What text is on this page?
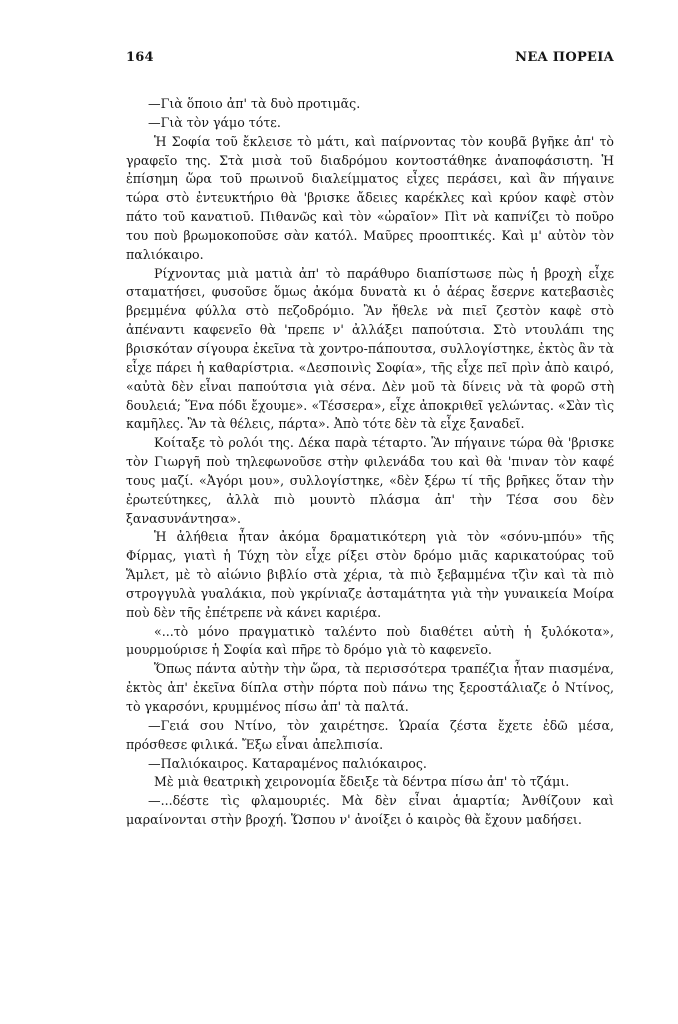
164	ΝΕΑ ΠΟΡΕΙΑ

—Γιὰ ὅποιο ἀπ' τὰ δυὸ προτιμᾶς.

—Γιὰ τὸν γάμο τότε.

Ἡ Σοφία τοῦ ἔκλεισε τὸ μάτι, καὶ παίρνοντας τὸν κουβᾶ βγῆκε ἀπ' τὸ γραφεῖο της. Στὰ μισὰ τοῦ διαδρόμου κοντοστάθηκε ἀναποφάσιστη. Ἡ ἐπίσημη ὥρα τοῦ πρωινοῦ διαλείμματος εἶχες περάσει, καὶ ἂν πήγαινε τώρα στὸ ἐντευκτήριο θὰ 'βρισκε ἄδειες καρέκλες καὶ κρύον καφὲ στὸν πάτο τοῦ κανατιοῦ. Πιθανῶς καὶ τὸν «ὡραῖον» Πὶτ νὰ καπνίζει τὸ ποῦρο του ποὺ βρωμοκοποῦσε σὰν κατόλ. Μαῦρες προοπτικές. Καὶ μ' αὐτὸν τὸν παλιόκαιρο.

Ρίχνοντας μιὰ ματιὰ ἀπ' τὸ παράθυρο διαπίστωσε πὼς ἡ βροχὴ εἶχε σταματήσει, φυσοῦσε ὅμως ἀκόμα δυνατὰ κι ὁ ἀέρας ἔσερνε κατεβασιὲς βρεμμένα φύλλα στὸ πεζοδρόμιο. Ἂν ἤθελε νὰ πιεῖ ζεστὸν καφὲ στὸ ἀπέναντι καφενεῖο θὰ 'πρεπε ν' ἀλλάξει παπούτσια. Στὸ ντουλάπι της βρισκόταν σίγουρα ἐκεῖνα τὰ χοντρο-πάπουτσα, συλλογίστηκε, ἐκτὸς ἂν τὰ εἶχε πάρει ἡ καθαρίστρια. «Δεσποινὶς Σοφία», τῆς εἶχε πεῖ πρὶν ἀπὸ καιρό, «αὐτὰ δὲν εἶναι παπούτσια γιὰ σένα. Δὲν μοῦ τὰ δίνεις νὰ τὰ φορῶ στὴ δουλειά; Ἕνα πόδι ἔχουμε». «Τέσσερα», εἶχε ἀποκριθεῖ γελώντας. «Σὰν τὶς καμῆλες. Ἂν τὰ θέλεις, πάρτα». Ἀπὸ τότε δὲν τὰ εἶχε ξαναδεῖ.

Κοίταξε τὸ ρολόι της. Δέκα παρὰ τέταρτο. Ἂν πήγαινε τώρα θὰ 'βρισκε τὸν Γιωργῆ ποὺ τηλεφωνοῦσε στὴν φιλενάδα του καὶ θὰ 'πιναν τὸν καφέ τους μαζί. «Ἀγόρι μου», συλλογίστηκε, «δὲν ξέρω τί τῆς βρῆκες ὅταν τὴν ἐρωτεύτηκες, ἀλλὰ πιὸ μουντὸ πλάσμα ἀπ' τὴν Τέσα σου δὲν ξανασυνάντησα».

Ἡ ἀλήθεια ἦταν ἀκόμα δραματικότερη γιὰ τὸν «σόνυ-μπόυ» τῆς Φίρμας, γιατὶ ἡ Τύχη τὸν εἶχε ρίξει στὸν δρόμο μιᾶς καρικατούρας τοῦ Ἅμλετ, μὲ τὸ αἰώνιο βιβλίο στὰ χέρια, τὰ πιὸ ξεβαμμένα τζὶν καὶ τὰ πιὸ στρογγυλὰ γυαλάκια, ποὺ γκρίνιαζε ἀσταμάτητα γιὰ τὴν γυναικεία Μοίρα ποὺ δὲν τῆς ἐπέτρεπε νὰ κάνει καριέρα.

«...τὸ μόνο πραγματικὸ ταλέντο ποὺ διαθέτει αὐτὴ ἡ ξυλόκοτα», μουρμούρισε ἡ Σοφία καὶ πῆρε τὸ δρόμο γιὰ τὸ καφενεῖο.

Ὅπως πάντα αὐτὴν τὴν ὥρα, τὰ περισσότερα τραπέζια ἦταν πιασμένα, ἐκτὸς ἀπ' ἐκεῖνα δίπλα στὴν πόρτα ποὺ πάνω της ξεροστάλιαζε ὁ Ντίνος, τὸ γκαρσόνι, κρυμμένος πίσω ἀπ' τὰ παλτά.

—Γειά σου Ντίνο, τὸν χαιρέτησε. Ὡραία ζέστα ἔχετε ἐδῶ μέσα, πρόσθεσε φιλικά. Ἔξω εἶναι ἀπελπισία.

—Παλιόκαιρος. Καταραμένος παλιόκαιρος.

Μὲ μιὰ θεατρικὴ χειρονομία ἔδειξε τὰ δέντρα πίσω ἀπ' τὸ τζάμι.

—...δέστε τὶς φλαμουριές. Μὰ δὲν εἶναι ἁμαρτία; Ἀνθίζουν καὶ μαραίνονται στὴν βροχή. Ὥσπου ν' ἀνοίξει ὁ καιρὸς θὰ ἔχουν μαδήσει.
